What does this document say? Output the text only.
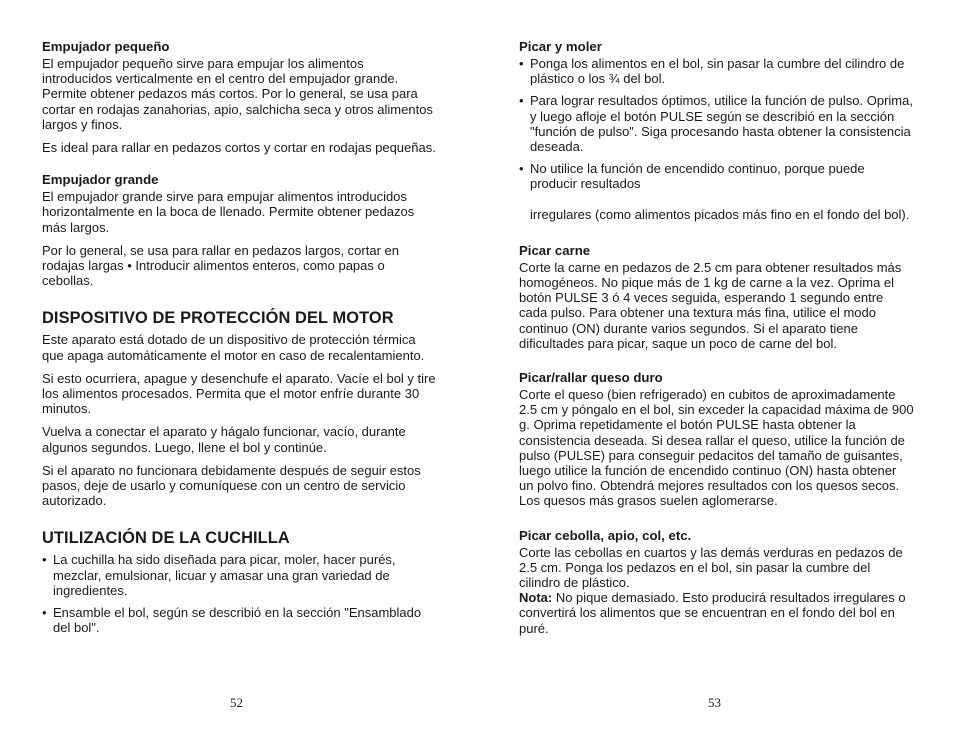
Empujador pequeño

El empujador pequeño sirve para empujar los alimentos introducidos verticalmente en el centro del empujador grande. Permite obtener pedazos más cortos. Por lo general, se usa para cortar en rodajas zanahorias, apio, salchicha seca y otros alimentos largos y finos.

Es ideal para rallar en pedazos cortos y cortar en rodajas pequeñas.

Empujador grande

El empujador grande sirve para empujar alimentos introducidos horizontalmente en la boca de llenado. Permite obtener pedazos más largos.

Por lo general, se usa para rallar en pedazos largos, cortar en rodajas largas • Introducir alimentos enteros, como papas o cebollas.

DISPOSITIVO DE PROTECCIÓN DEL MOTOR

Este aparato está dotado de un dispositivo de protección térmica que apaga automáticamente el motor en caso de recalentamiento.

Si esto ocurriera, apague y desenchufe el aparato. Vacíe el bol y tire los alimentos procesados. Permita que el motor enfríe durante 30 minutos.

Vuelva a conectar el aparato y hágalo funcionar, vacío, durante algunos segundos. Luego, llene el bol y continúe.

Si el aparato no funcionara debidamente después de seguir estos pasos, deje de usarlo y comuníquese con un centro de servicio autorizado.

UTILIZACIÓN DE LA CUCHILLA
• La cuchilla ha sido diseñada para picar, moler, hacer purés, mezclar, emulsionar, licuar y amasar una gran variedad de ingredientes.
• Ensamble el bol, según se describió en la sección "Ensamblado del bol".
Picar y moler
• Ponga los alimentos en el bol, sin pasar la cumbre del cilindro de plástico o los ¾ del bol.
• Para lograr resultados óptimos, utilice la función de pulso. Oprima, y luego afloje el botón PULSE según se describió en la sección "función de pulso". Siga procesando hasta obtener la consistencia deseada.
• No utilice la función de encendido continuo, porque puede producir resultados
irregulares (como alimentos picados más fino en el fondo del bol).
Picar carne

Corte la carne en pedazos de 2.5 cm para obtener resultados más homogéneos. No pique más de 1 kg de carne a la vez. Oprima el botón PULSE 3 ó 4 veces seguida, esperando 1 segundo entre cada pulso. Para obtener una textura más fina, utilice el modo continuo (ON) durante varios segundos. Si el aparato tiene dificultades para picar, saque un poco de carne del bol.

Picar/rallar queso duro

Corte el queso (bien refrigerado) en cubitos de aproximadamente 2.5 cm y póngalo en el bol, sin exceder la capacidad máxima de 900 g. Oprima repetidamente el botón PULSE hasta obtener la consistencia deseada. Si desea rallar el queso, utilice la función de pulso (PULSE) para conseguir pedacitos del tamaño de guisantes, luego utilice la función de encendido continuo (ON) hasta obtener un polvo fino. Obtendrá mejores resultados con los quesos secos. Los quesos más grasos suelen aglomerarse.

Picar cebolla, apio, col, etc.

Corte las cebollas en cuartos y las demás verduras en pedazos de 2.5 cm. Ponga los pedazos en el bol, sin pasar la cumbre del cilindro de plástico.

Nota: No pique demasiado. Esto producirá resultados irregulares o convertirá los alimentos que se encuentran en el fondo del bol en puré.

52	53
